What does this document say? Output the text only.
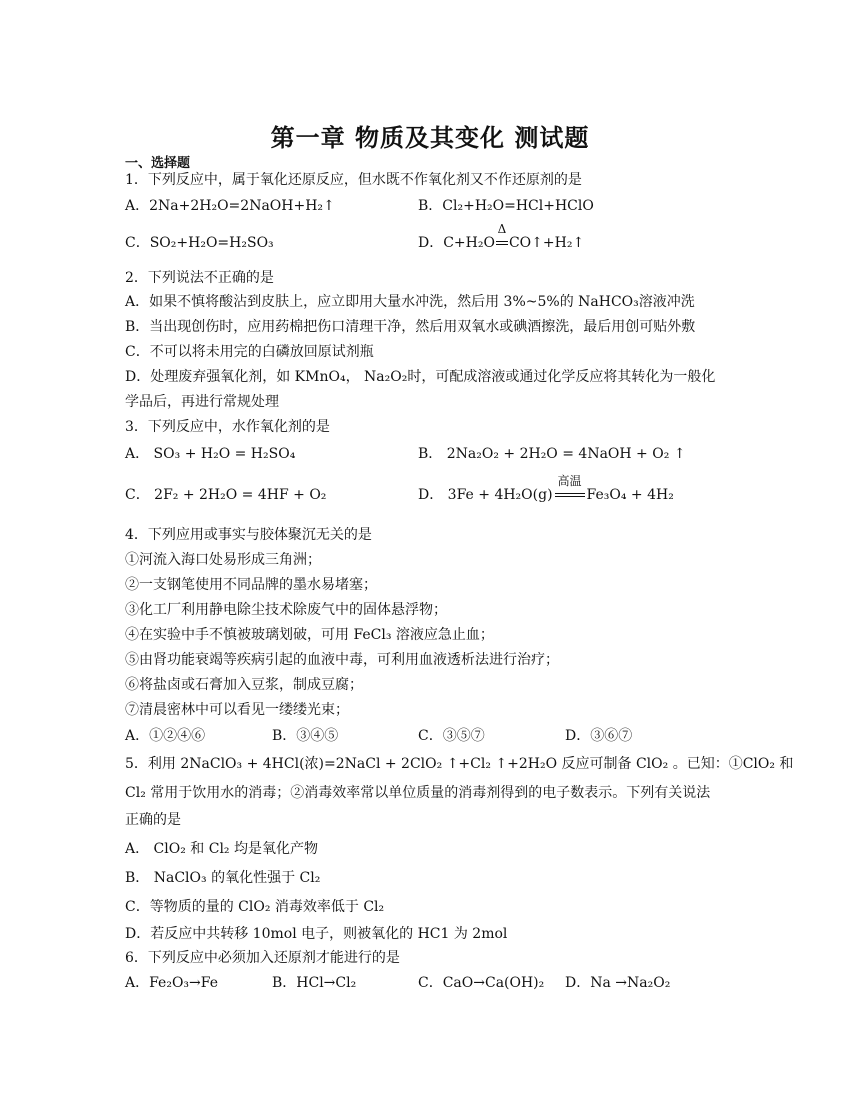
第一章 物质及其变化 测试题
一、选择题
1．下列反应中，属于氧化还原反应，但水既不作氧化剂又不作还原剂的是
A．2Na+2H₂O=2NaOH+H₂↑	B．Cl₂+H₂O=HCl+HClO
C．SO₂+H₂O=H₂SO₃	D．C+H₂O
Δ
CO↑+H₂↑
2．下列说法不正确的是
A．如果不慎将酸沾到皮肤上，应立即用大量水冲洗，然后用 3%~5%的 NaHCO₃溶液冲洗
B．当出现创伤时，应用药棉把伤口清理干净，然后用双氧水或碘酒擦洗，最后用创可贴外敷
C．不可以将未用完的白磷放回原试剂瓶
D．处理废弃强氧化剂，如 KMnO₄， Na₂O₂时，可配成溶液或通过化学反应将其转化为一般化
学品后，再进行常规处理
3．下列反应中，水作氧化剂的是
A． SO₃ + H₂O = H₂SO₄	B． 2Na₂O₂ + 2H₂O = 4NaOH + O₂ ↑
C． 2F₂ + 2H₂O = 4HF + O₂	D． 3Fe + 4H₂O(g)
高温
Fe₃O₄ + 4H₂
4．下列应用或事实与胶体聚沉无关的是
①河流入海口处易形成三角洲；
②一支钢笔使用不同品牌的墨水易堵塞；
③化工厂利用静电除尘技术除废气中的固体悬浮物；
④在实验中手不慎被玻璃划破，可用 FeCl₃ 溶液应急止血；
⑤由肾功能衰竭等疾病引起的血液中毒，可利用血液透析法进行治疗；
⑥将盐卤或石膏加入豆浆，制成豆腐；
⑦清晨密林中可以看见一缕缕光束；
A．①②④⑥	B．③④⑤	C．③⑤⑦	D．③⑥⑦
5．利用 2NaClO₃ + 4HCl(浓)=2NaCl + 2ClO₂ ↑+Cl₂ ↑+2H₂O 反应可制备 ClO₂ 。已知：①ClO₂ 和
Cl₂ 常用于饮用水的消毒；②消毒效率常以单位质量的消毒剂得到的电子数表示。下列有关说法
正确的是
A． ClO₂ 和 Cl₂ 均是氧化产物
B． NaClO₃ 的氧化性强于 Cl₂
C．等物质的量的 ClO₂ 消毒效率低于 Cl₂
D．若反应中共转移 10mol 电子，则被氧化的 HC1 为 2mol
6．下列反应中必须加入还原剂才能进行的是
A．Fe₂O₃→Fe	B．HCl→Cl₂	C．CaO→Ca(OH)₂ D．Na →Na₂O₂
